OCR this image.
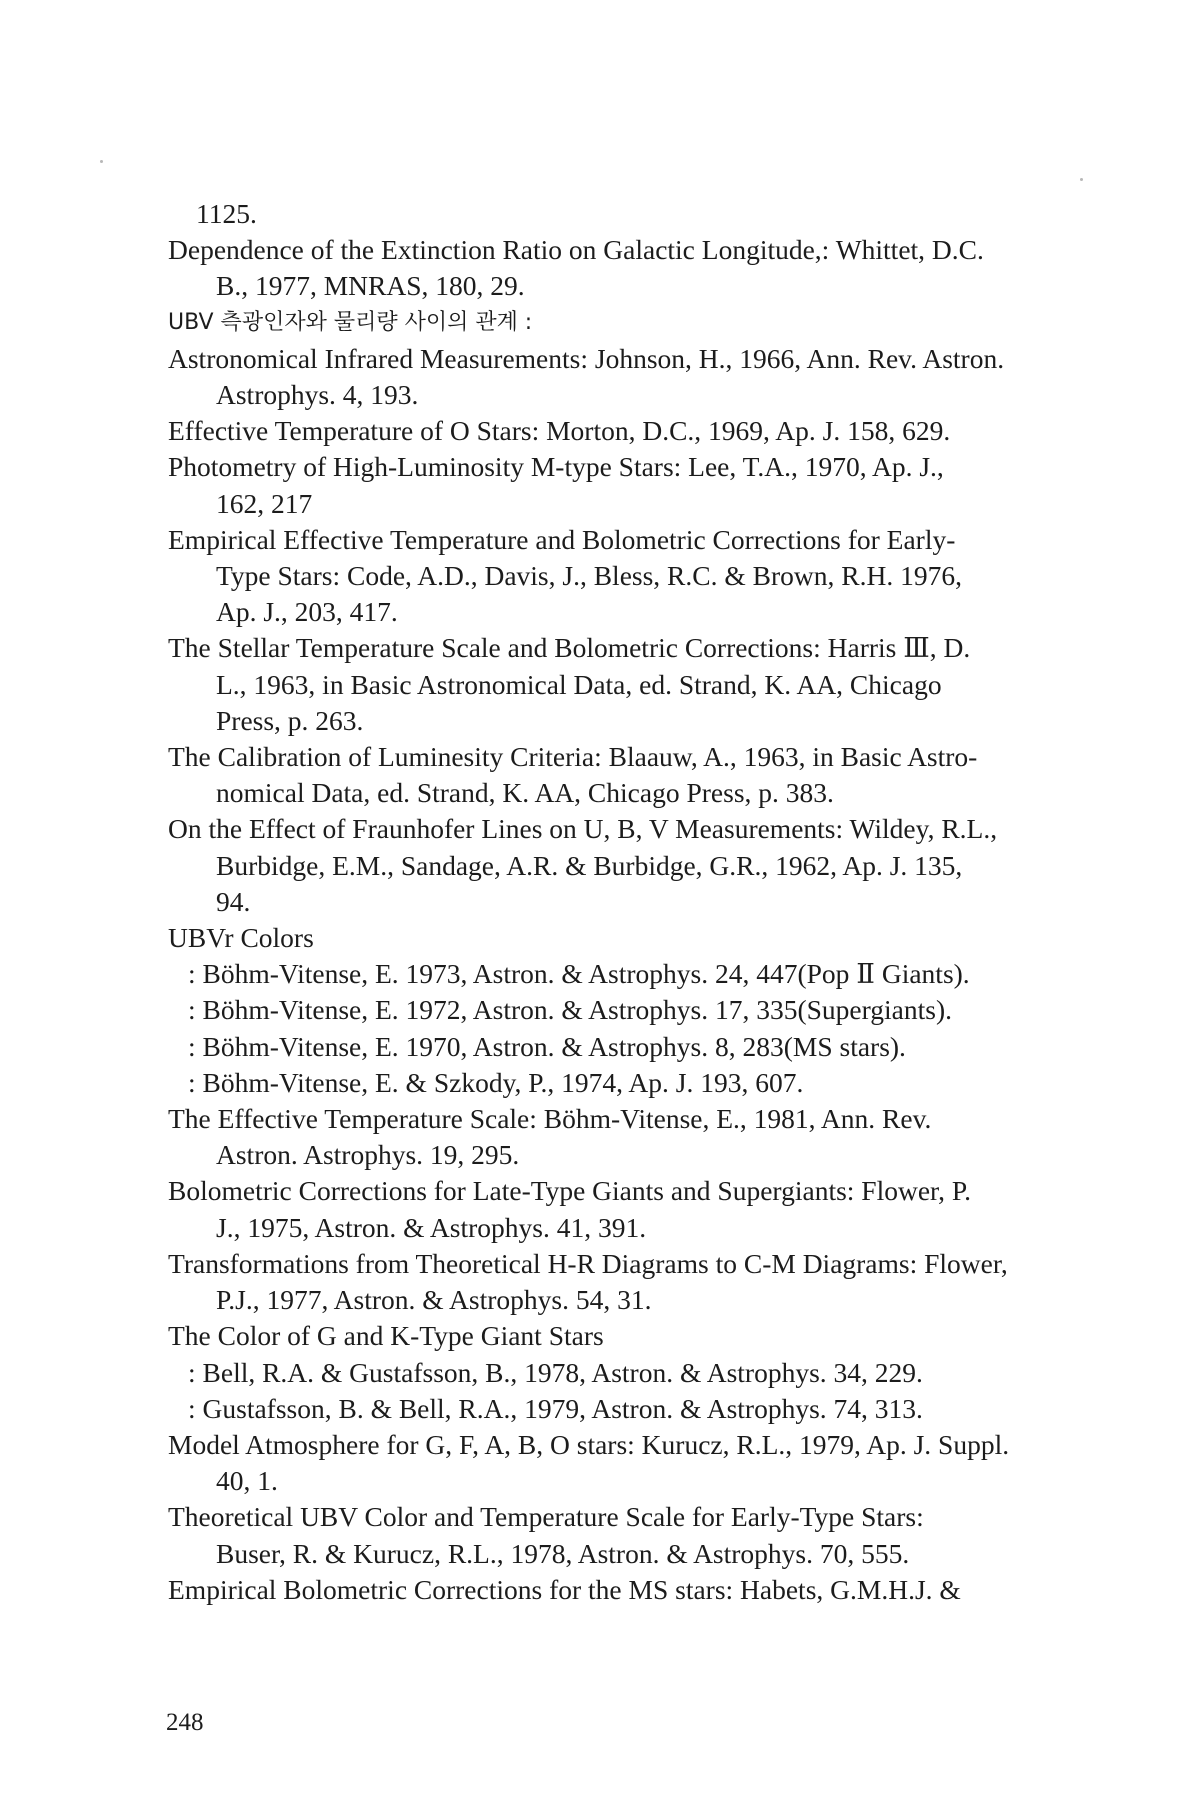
1125.
Dependence of the Extinction Ratio on Galactic Longitude,: Whittet, D.C.
B., 1977, MNRAS, 180, 29.
UBV 측광인자와 물리량 사이의 관계 :
Astronomical Infrared Measurements: Johnson, H., 1966, Ann. Rev. Astron.
Astrophys. 4, 193.
Effective Temperature of O Stars: Morton, D.C., 1969, Ap. J. 158, 629.
Photometry of High-Luminosity M-type Stars: Lee, T.A., 1970, Ap. J.,
162, 217
Empirical Effective Temperature and Bolometric Corrections for Early-
Type Stars: Code, A.D., Davis, J., Bless, R.C. & Brown, R.H. 1976,
Ap. J., 203, 417.
The Stellar Temperature Scale and Bolometric Corrections: Harris Ⅲ, D.
L., 1963, in Basic Astronomical Data, ed. Strand, K. AA, Chicago
Press, p. 263.
The Calibration of Luminesity Criteria: Blaauw, A., 1963, in Basic Astro-
nomical Data, ed. Strand, K. AA, Chicago Press, p. 383.
On the Effect of Fraunhofer Lines on U, B, V Measurements: Wildey, R.L.,
Burbidge, E.M., Sandage, A.R. & Burbidge, G.R., 1962, Ap. J. 135,
94.
UBVr Colors
: Böhm-Vitense, E. 1973, Astron. & Astrophys. 24, 447(Pop Ⅱ Giants).
: Böhm-Vitense, E. 1972, Astron. & Astrophys. 17, 335(Supergiants).
: Böhm-Vitense, E. 1970, Astron. & Astrophys. 8, 283(MS stars).
: Böhm-Vitense, E. & Szkody, P., 1974, Ap. J. 193, 607.
The Effective Temperature Scale: Böhm-Vitense, E., 1981, Ann. Rev.
Astron. Astrophys. 19, 295.
Bolometric Corrections for Late-Type Giants and Supergiants: Flower, P.
J., 1975, Astron. & Astrophys. 41, 391.
Transformations from Theoretical H-R Diagrams to C-M Diagrams: Flower,
P.J., 1977, Astron. & Astrophys. 54, 31.
The Color of G and K-Type Giant Stars
: Bell, R.A. & Gustafsson, B., 1978, Astron. & Astrophys. 34, 229.
: Gustafsson, B. & Bell, R.A., 1979, Astron. & Astrophys. 74, 313.
Model Atmosphere for G, F, A, B, O stars: Kurucz, R.L., 1979, Ap. J. Suppl.
40, 1.
Theoretical UBV Color and Temperature Scale for Early-Type Stars:
Buser, R. & Kurucz, R.L., 1978, Astron. & Astrophys. 70, 555.
Empirical Bolometric Corrections for the MS stars: Habets, G.M.H.J. &
248
